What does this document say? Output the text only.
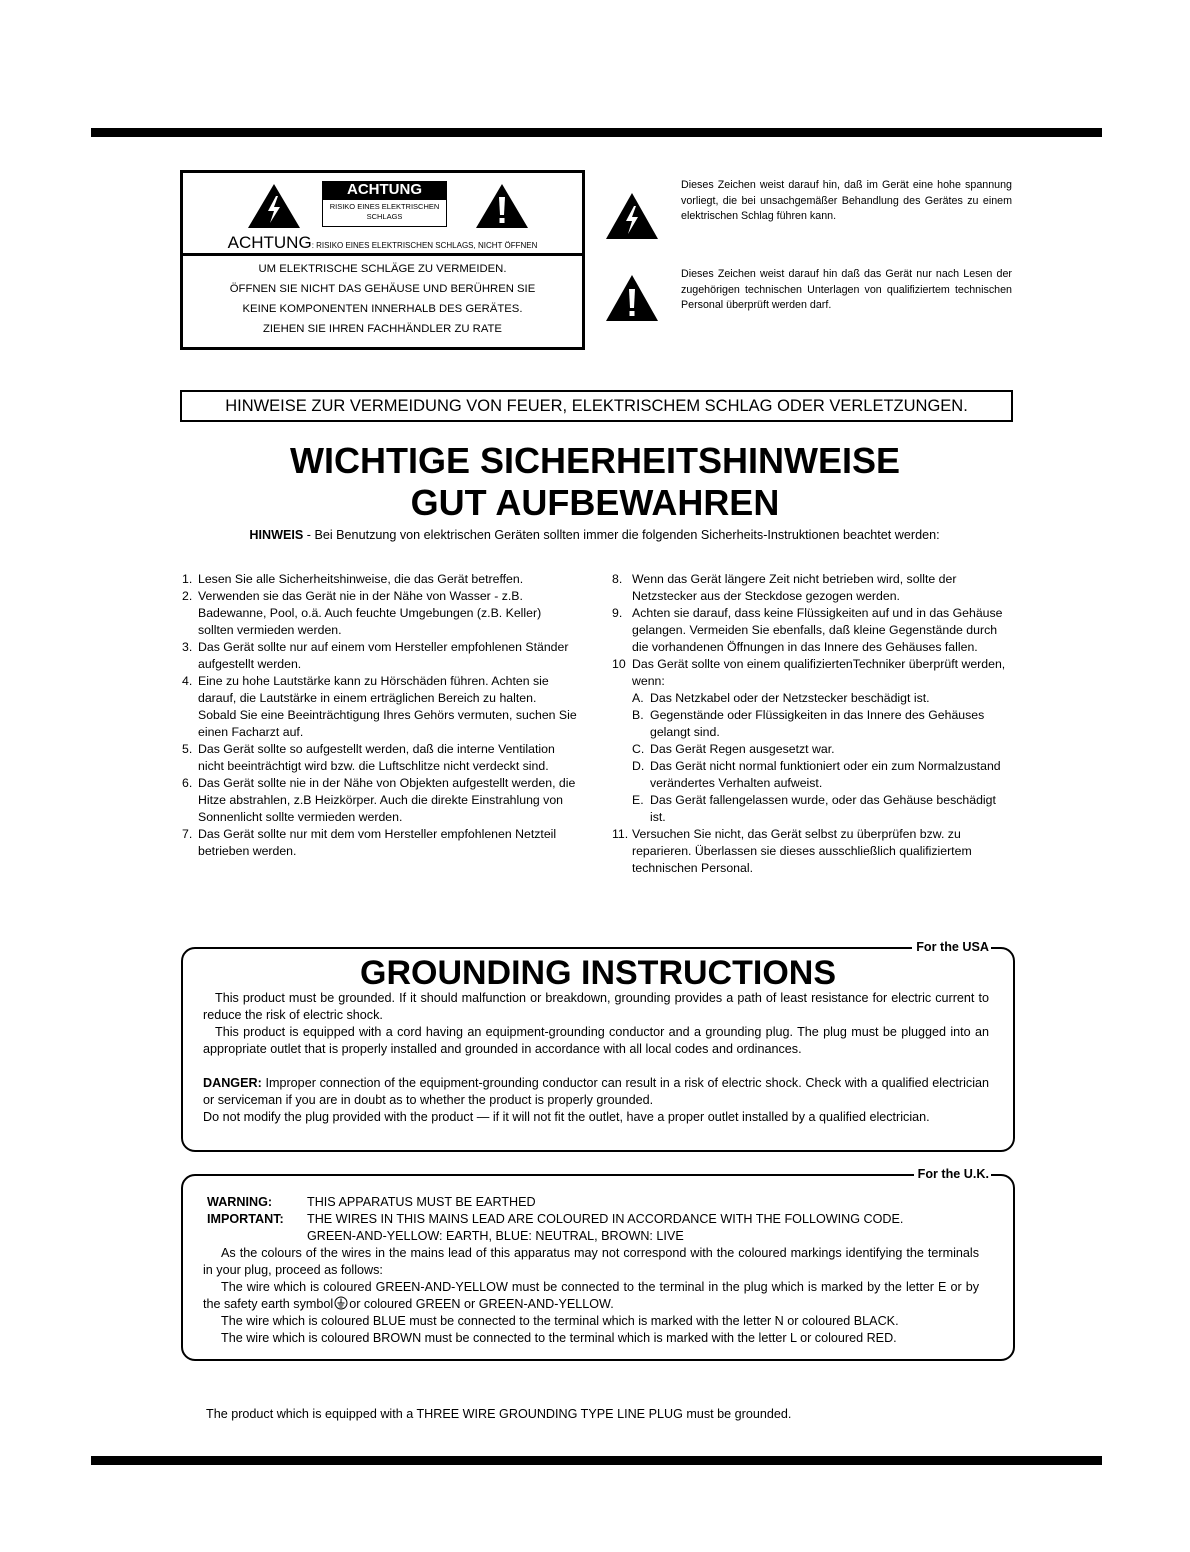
ACHTUNG
RISIKO EINES ELEKTRISCHEN SCHLAGS
ACHTUNG: RISIKO EINES ELEKTRISCHEN SCHLAGS, NICHT ÖFFNEN
UM ELEKTRISCHE SCHLÄGE ZU VERMEIDEN.
ÖFFNEN SIE NICHT DAS GEHÄUSE UND BERÜHREN SIE
KEINE KOMPONENTEN INNERHALB DES GERÄTES.
ZIEHEN SIE IHREN FACHHÄNDLER ZU RATE
Dieses Zeichen weist darauf hin, daß im Gerät eine hohe spannung vorliegt, die bei unsachgemäßer Behandlung des Gerätes zu einem elektrischen Schlag führen kann.
Dieses Zeichen weist darauf hin daß das Gerät nur nach Lesen der zugehörigen technischen Unterlagen von qualifiziertem technischen Personal überprüft werden darf.
HINWEISE ZUR VERMEIDUNG VON FEUER, ELEKTRISCHEM SCHLAG ODER VERLETZUNGEN.
WICHTIGE SICHERHEITSHINWEISE
GUT AUFBEWAHREN
HINWEIS - Bei Benutzung von elektrischen Geräten sollten immer die folgenden Sicherheits-Instruktionen beachtet werden:
1. Lesen Sie alle Sicherheitshinweise, die das Gerät betreffen.
2. Verwenden sie das Gerät nie in der Nähe von Wasser - z.B. Badewanne, Pool, o.ä. Auch feuchte Umgebungen (z.B. Keller) sollten vermieden werden.
3. Das Gerät sollte nur auf einem vom Hersteller empfohlenen Ständer aufgestellt werden.
4. Eine zu hohe Lautstärke kann zu Hörschäden führen. Achten sie darauf, die Lautstärke in einem erträglichen Bereich zu halten. Sobald Sie eine Beeinträchtigung Ihres Gehörs vermuten, suchen Sie einen Facharzt auf.
5. Das Gerät sollte so aufgestellt werden, daß die interne Ventilation nicht beeinträchtigt wird bzw. die Luftschlitze nicht verdeckt sind.
6. Das Gerät sollte nie in der Nähe von Objekten aufgestellt werden, die Hitze abstrahlen, z.B Heizkörper. Auch die direkte Einstrahlung von Sonnenlicht sollte vermieden werden.
7. Das Gerät sollte nur mit dem vom Hersteller empfohlenen Netzteil betrieben werden.
8. Wenn das Gerät längere Zeit nicht betrieben wird, sollte der Netzstecker aus der Steckdose gezogen werden.
9. Achten sie darauf, dass keine Flüssigkeiten auf und in das Gehäuse gelangen. Vermeiden Sie ebenfalls, daß kleine Gegenstände durch die vorhandenen Öffnungen in das Innere des Gehäuses fallen.
10 Das Gerät sollte von einem qualifiziertenTechniker überprüft werden, wenn:
A. Das Netzkabel oder der Netzstecker beschädigt ist.
B. Gegenstände oder Flüssigkeiten in das Innere des Gehäuses gelangt sind.
C. Das Gerät Regen ausgesetzt war.
D. Das Gerät nicht normal funktioniert oder ein zum Normalzustand verändertes Verhalten aufweist.
E. Das Gerät fallengelassen wurde, oder das Gehäuse beschädigt ist.
11. Versuchen Sie nicht, das Gerät selbst zu überprüfen bzw. zu reparieren. Überlassen sie dieses ausschließlich qualifiziertem technischen Personal.
For the USA
GROUNDING INSTRUCTIONS
This product must be grounded. If it should malfunction or breakdown, grounding provides a path of least resistance for electric current to reduce the risk of electric shock.
This product is equipped with a cord having an equipment-grounding conductor and a grounding plug. The plug must be plugged into an appropriate outlet that is properly installed and grounded in accordance with all local codes and ordinances.
DANGER: Improper connection of the equipment-grounding conductor can result in a risk of electric shock. Check with a qualified electrician or serviceman if you are in doubt as to whether the product is properly grounded.
Do not modify the plug provided with the product — if it will not fit the outlet, have a proper outlet installed by a qualified electrician.
For the U.K.
WARNING:	THIS APPARATUS MUST BE EARTHED
IMPORTANT: THE WIRES IN THIS MAINS LEAD ARE COLOURED IN ACCORDANCE WITH THE FOLLOWING CODE.
GREEN-AND-YELLOW: EARTH, BLUE: NEUTRAL, BROWN: LIVE
As the colours of the wires in the mains lead of this apparatus may not correspond with the coloured markings identifying the terminals in your plug, proceed as follows:
The wire which is coloured GREEN-AND-YELLOW must be connected to the terminal in the plug which is marked by the letter E or by the safety earth symbol or coloured GREEN or GREEN-AND-YELLOW.
The wire which is coloured BLUE must be connected to the terminal which is marked with the letter N or coloured BLACK.
The wire which is coloured BROWN must be connected to the terminal which is marked with the letter L or coloured RED.
The product which is equipped with a THREE WIRE GROUNDING TYPE LINE PLUG must be grounded.
